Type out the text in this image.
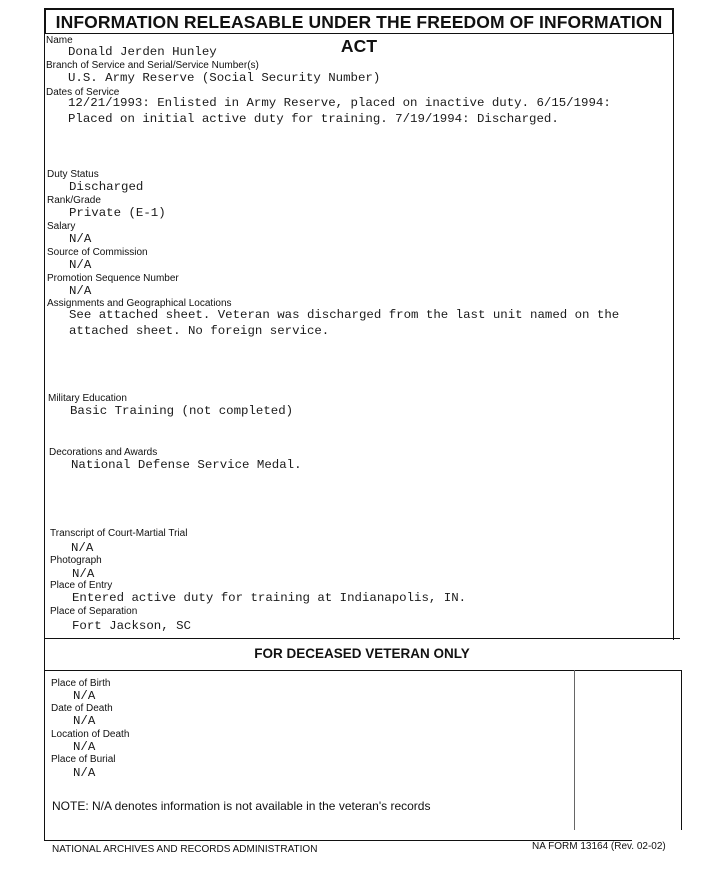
INFORMATION RELEASABLE UNDER THE FREEDOM OF INFORMATION ACT
Name
Donald Jerden Hunley
Branch of Service and Serial/Service Number(s)
U.S. Army Reserve (Social Security Number)
Dates of Service
12/21/1993: Enlisted in Army Reserve, placed on inactive duty. 6/15/1994:
Placed on initial active duty for training. 7/19/1994: Discharged.
Duty Status
Discharged
Rank/Grade
Private (E-1)
Salary
N/A
Source of Commission
N/A
Promotion Sequence Number
N/A
Assignments and Geographical Locations
See attached sheet. Veteran was discharged from the last unit named on the
attached sheet. No foreign service.
Military Education
Basic Training (not completed)
Decorations and Awards
National Defense Service Medal.
Transcript of Court-Martial Trial
N/A
Photograph
N/A
Place of Entry
Entered active duty for training at Indianapolis, IN.
Place of Separation
Fort Jackson, SC
FOR DECEASED VETERAN ONLY
Place of Birth
N/A
Date of Death
N/A
Location of Death
N/A
Place of Burial
N/A
NOTE: N/A denotes information is not available in the veteran's records
NATIONAL ARCHIVES AND RECORDS ADMINISTRATION	NA FORM 13164 (Rev. 02-02)
